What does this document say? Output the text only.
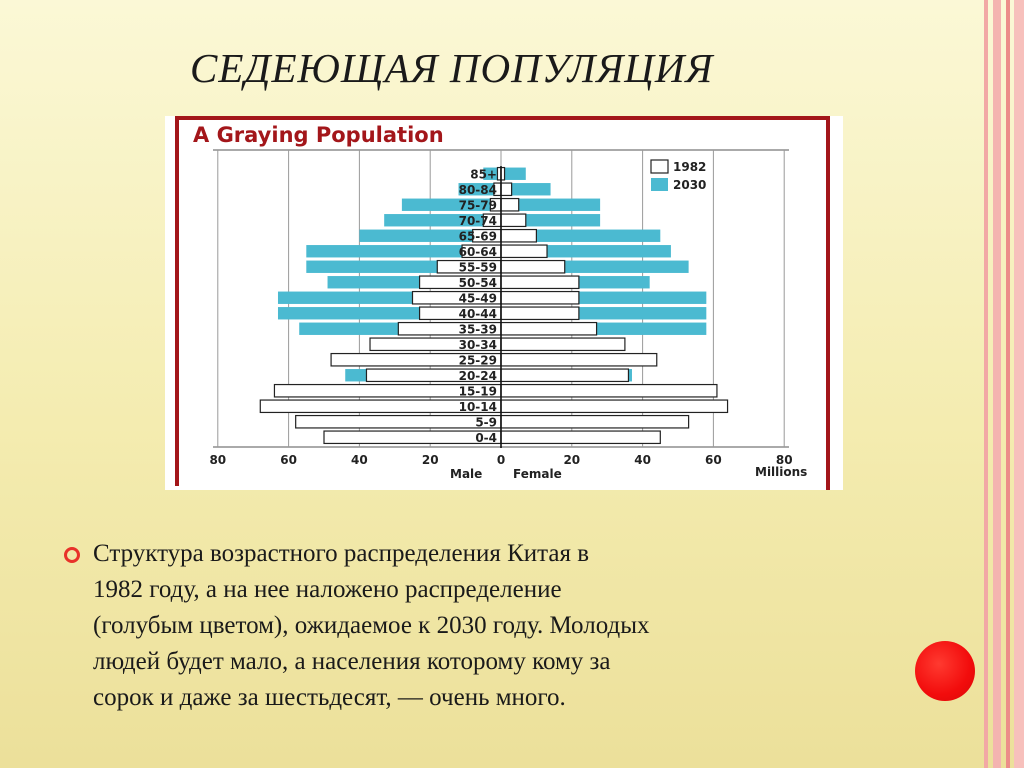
СЕДЕЮЩАЯ ПОПУЛЯЦИЯ
A Graying Population
85+
80-84
75-79
70-74
65-69
60-64
55-59
50-54
45-49
40-44
35-39
30-34
25-29
20-24
15-19
10-14
5-9
0-4
80	60	40	20	0	20	40	60	80
Male	Female	Millions
1982
2030
Структура возрастного распределения Китая в
1982 году, а на нее наложено распределение
(голубым цветом), ожидаемое к 2030 году. Молодых
людей будет мало, а населения которому кому за
сорок и даже за шестьдесят, — очень много.
